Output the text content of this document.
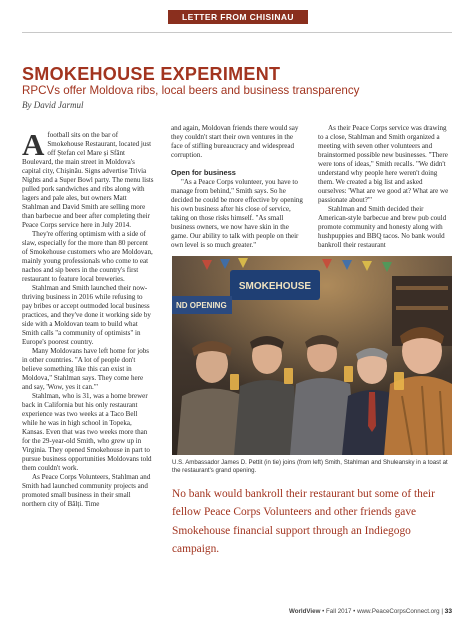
LETTER FROM CHISINAU
SMOKEHOUSE EXPERIMENT
RPCVs offer Moldova ribs, local beers and business transparency
By David Jarmul

Afootball sits on the bar of Smokehouse Restaurant, located just off Ștefan cel Mare și Sfânt Boulevard, the main street in Moldova's capital city, Chișinău. Signs advertise Trivia Nights and a Super Bowl party. The menu lists pulled pork sandwiches and ribs along with lagers and pale ales, but owners Matt Stahlman and David Smith are selling more than barbecue and beer after completing their Peace Corps service here in July 2014.

They're offering optimism with a side of slaw, especially for the more than 80 percent of Smokehouse customers who are Moldovan, mainly young professionals who come to eat nachos and sip beers in the country's first restaurant to feature local breweries.

Stahlman and Smith launched their now-thriving business in 2016 while refusing to pay bribes or accept outmoded local business practices, and they've done it working side by side with a Moldovan team to build what Smith calls "a community of optimists" in Europe's poorest country.

Many Moldovans have left home for jobs in other countries. "A lot of people don't believe something like this can exist in Moldova," Stahlman says. They come here and say, 'Wow, yes it can.'"

Stahlman, who is 31, was a home brewer back in California but his only restaurant experience was two weeks at a Taco Bell while he was in high school in Topeka, Kansas. Even that was two weeks more than for the 29-year-old Smith, who grew up in Virginia. They opened Smokehouse in part to pursue business opportunities Moldovans told them couldn't work.

As Peace Corps Volunteers, Stahlman and Smith had launched community projects and promoted small business in their small northern city of Bălți. Time

and again, Moldovan friends there would say they couldn't start their own ventures in the face of stifling bureaucracy and widespread corruption.

Open for business

"As a Peace Corps volunteer, you have to manage from behind," Smith says. So he decided he could be more effective by opening his own business after his close of service, taking on those risks himself. "As small business owners, we now have skin in the game. Our ability to talk with people on their own level is so much greater."

As their Peace Corps service was drawing to a close, Stahlman and Smith organized a meeting with seven other volunteers and brainstormed possible new businesses. "There were tons of ideas," Smith recalls. "We didn't understand why people here weren't doing them. We created a big list and asked ourselves: 'What are we good at? What are we passionate about?'"

Stahlman and Smith decided their American-style barbecue and brew pub could promote community and honesty along with hushpuppies and BBQ tacos. No bank would bankroll their restaurant

SMOKEHOUSE
ND OPENING
U.S. Ambassador James D. Pettit (in tie) joins (from left) Smith, Stahlman and Shuleansky in a toast at the restaurant's grand opening.
No bank would bankroll their restaurant but some of their fellow Peace Corps Volunteers and other friends gave Smokehouse financial support through an Indiegogo campaign.
WorldView • Fall 2017 • www.PeaceCorpsConnect.org | 33
